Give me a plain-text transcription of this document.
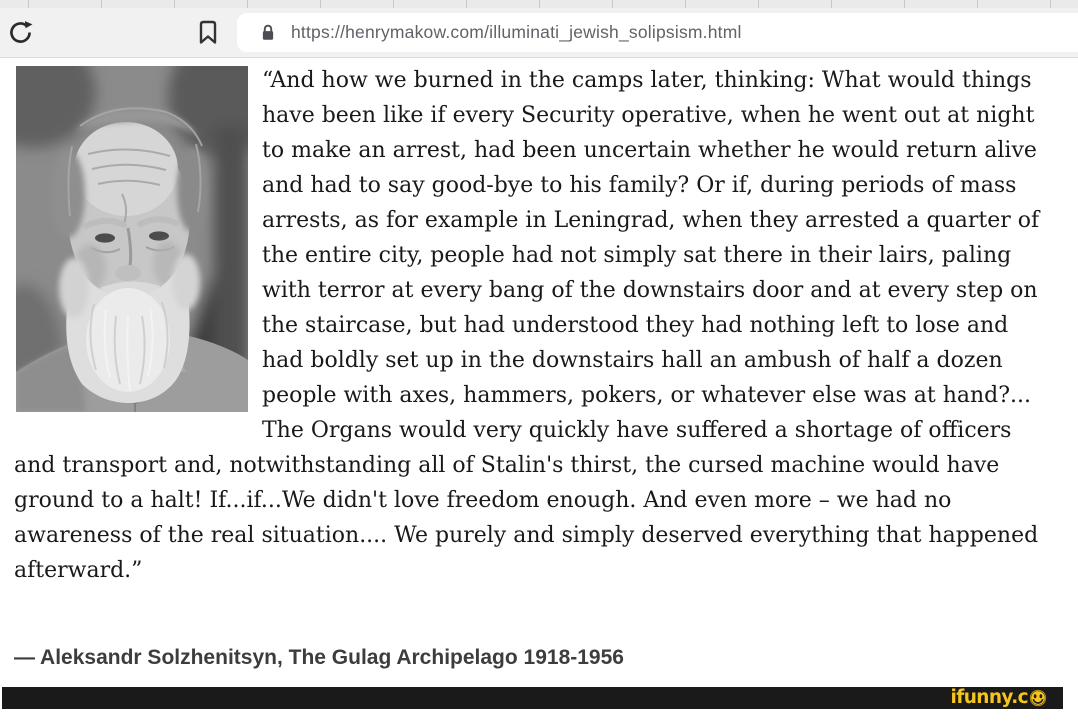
https://henrymakow.com/illuminati_jewish_solipsism.html

“And how we burned in the camps later, thinking: What would things have been like if every Security operative, when he went out at night to make an arrest, had been uncertain whether he would return alive and had to say good-bye to his family? Or if, during periods of mass arrests, as for example in Leningrad, when they arrested a quarter of the entire city, people had not simply sat there in their lairs, paling with terror at every bang of the downstairs door and at every step on the staircase, but had understood they had nothing left to lose and had boldly set up in the downstairs hall an ambush of half a dozen people with axes, hammers, pokers, or whatever else was at hand?... The Organs would very quickly have suffered a shortage of officers and transport and, notwithstanding all of Stalin's thirst, the cursed machine would have ground to a halt! If...if...We didn't love freedom enough. And even more – we had no awareness of the real situation.... We purely and simply deserved everything that happened afterward.”

— Aleksandr Solzhenitsyn, The Gulag Archipelago 1918-1956

ifunny.c
